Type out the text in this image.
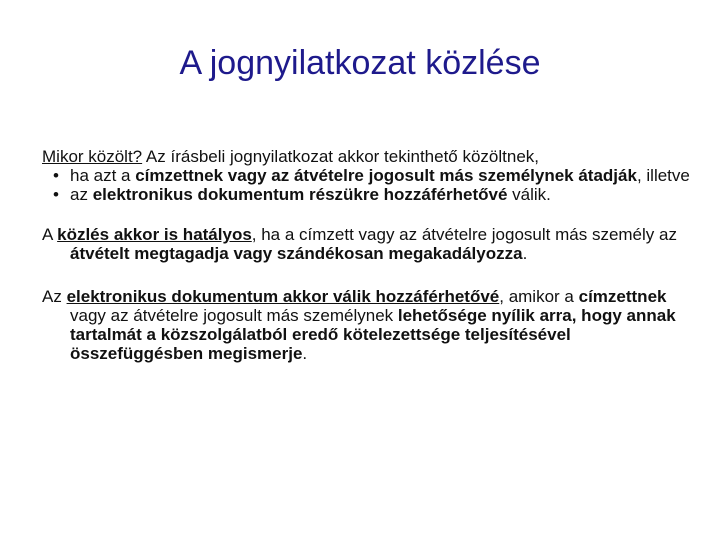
A jognyilatkozat közlése

Mikor közölt? Az írásbeli jognyilatkozat akkor tekinthető közöltnek,

• ha azt a címzettnek vagy az átvételre jogosult más személynek átadják, illetve
• az elektronikus dokumentum részükre hozzáférhetővé válik.

A közlés akkor is hatályos, ha a címzett vagy az átvételre jogosult más személy az átvételt megtagadja vagy szándékosan megakadályozza.

Az elektronikus dokumentum akkor válik hozzáférhetővé, amikor a címzettnek vagy az átvételre jogosult más személynek lehetősége nyílik arra, hogy annak tartalmát a közszolgálatból eredő kötelezettsége teljesítésével összefüggésben megismerje.
